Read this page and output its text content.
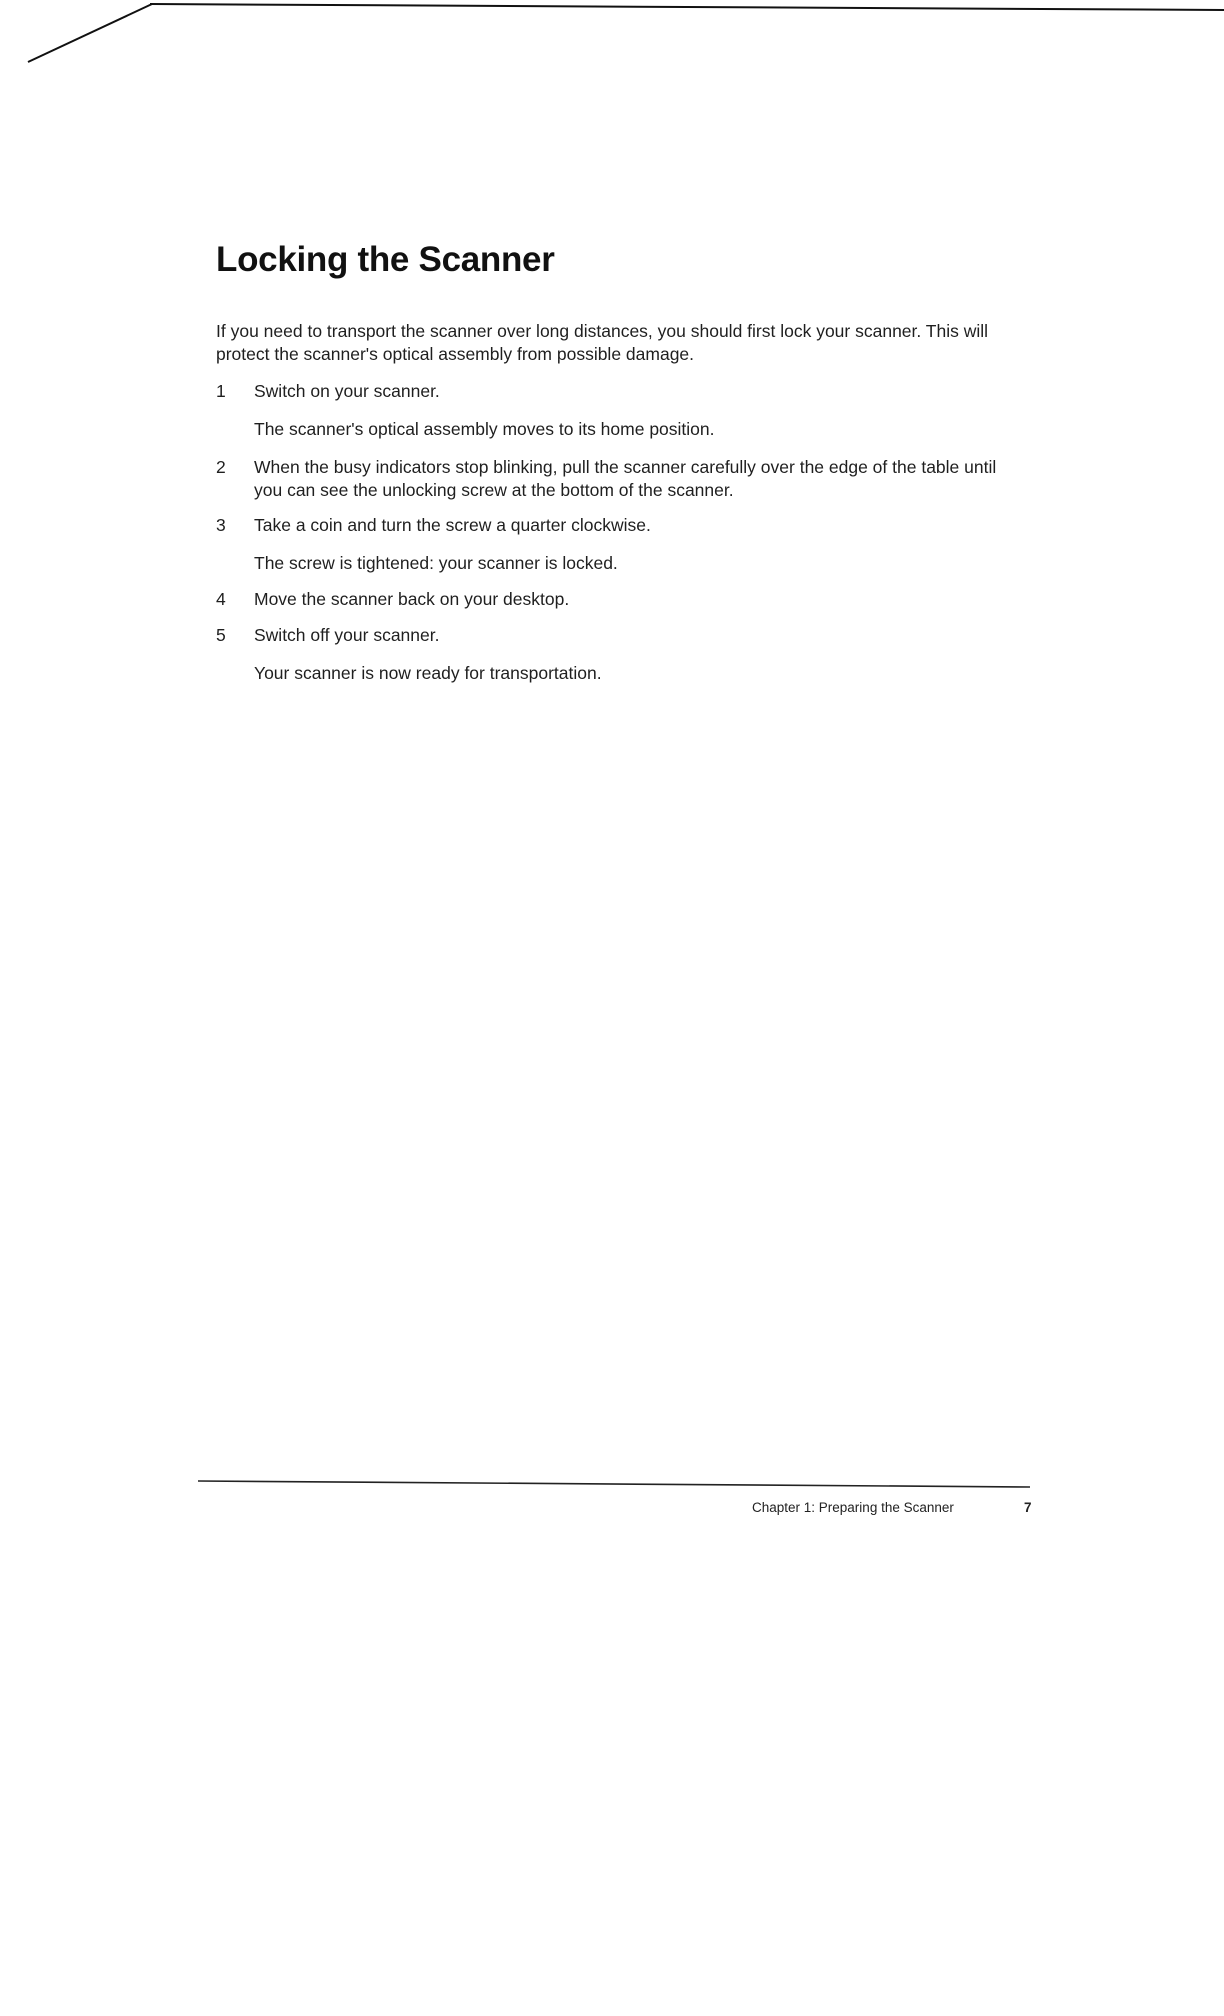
Locking the Scanner

If you need to transport the scanner over long distances, you should first lock your scanner. This will protect the scanner's optical assembly from possible damage.

1	Switch on your scanner.
The scanner's optical assembly moves to its home position.
2	When the busy indicators stop blinking, pull the scanner carefully over the edge of the table until you can see the unlocking screw at the bottom of the scanner.
3	Take a coin and turn the screw a quarter clockwise.
The screw is tightened: your scanner is locked.
4	Move the scanner back on your desktop.
5	Switch off your scanner.
Your scanner is now ready for transportation.
Chapter 1: Preparing the Scanner	7
